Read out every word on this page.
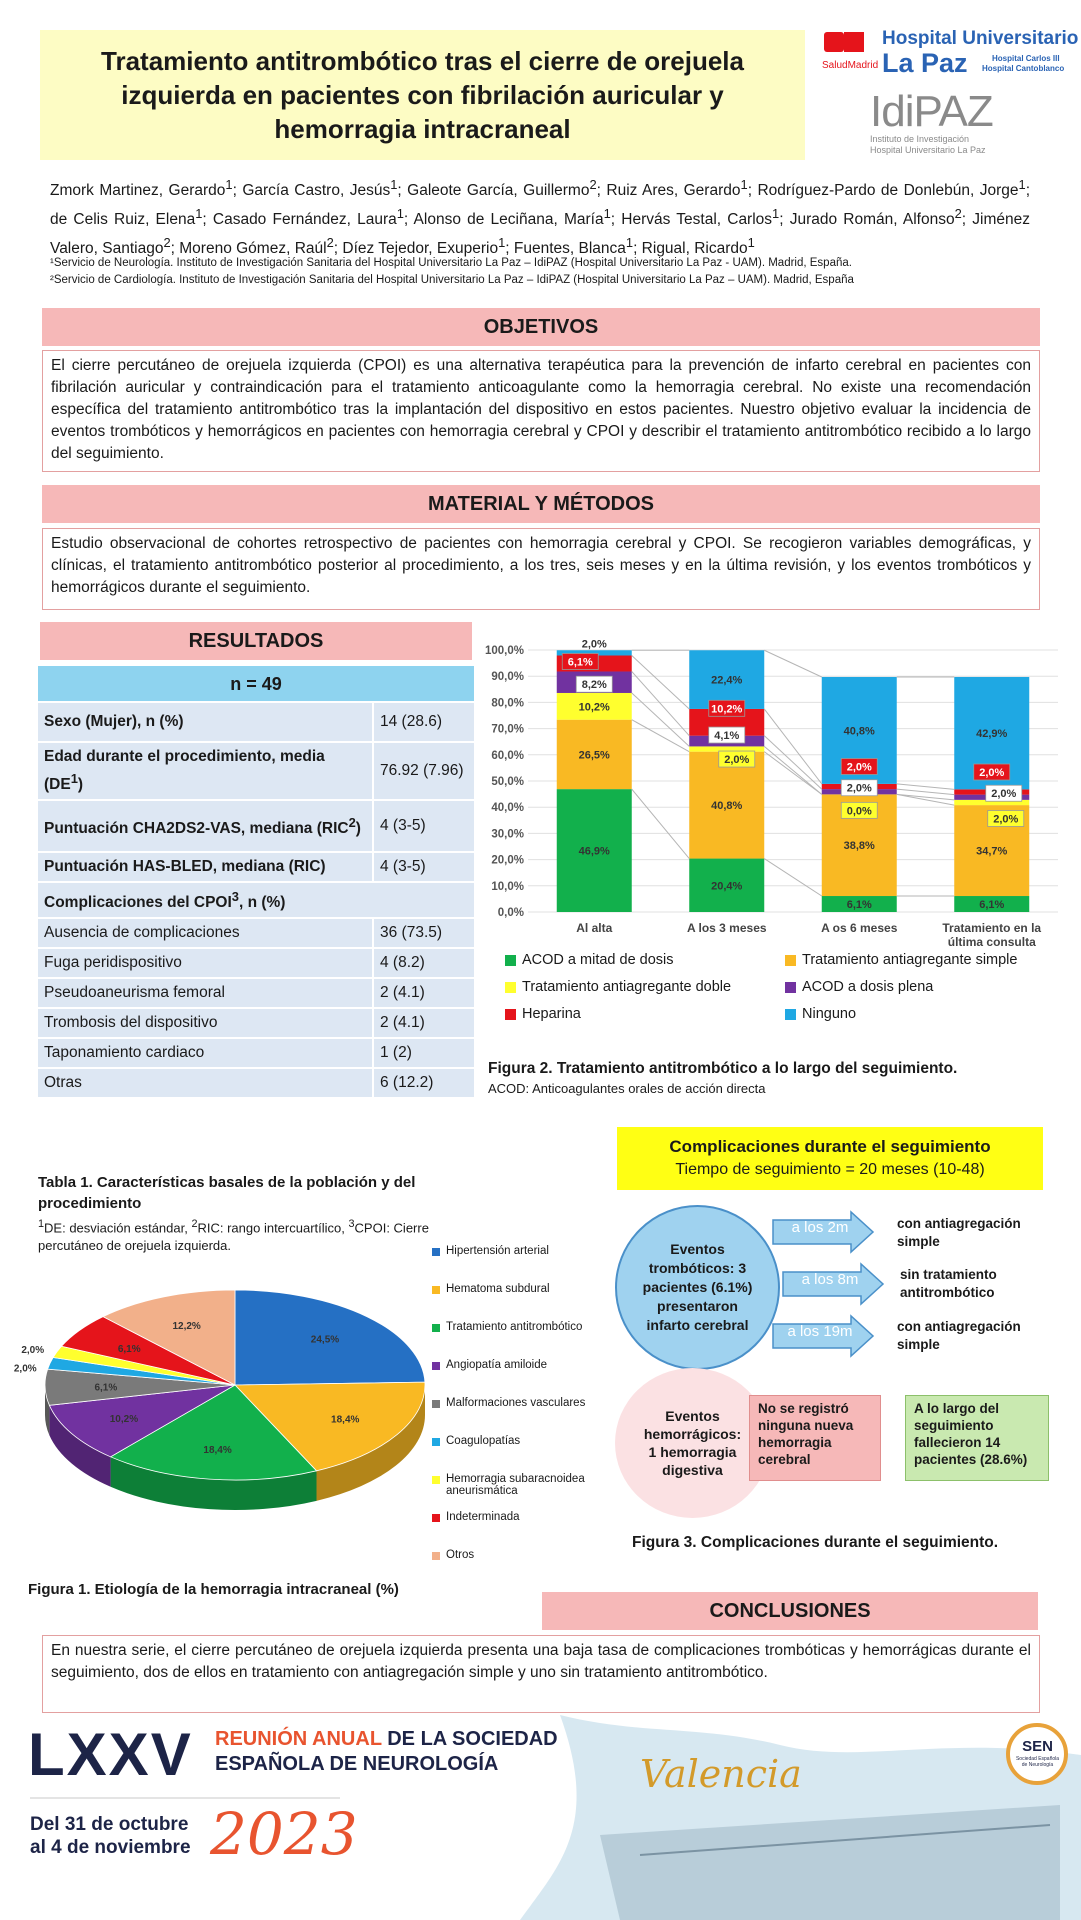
Tratamiento antitrombótico tras el cierre de orejuela izquierda en pacientes con fibrilación auricular y hemorragia intracraneal
SaludMadrid
Hospital Universitario
La Paz	Hospital Carlos III
Hospital Cantoblanco
IdiPAZ
Instituto de Investigación
Hospital Universitario La Paz
Zmork Martinez, Gerardo$^1$; García Castro, Jesús$^1$; Galeote García, Guillermo$^2$; Ruiz Ares, Gerardo$^1$; Rodríguez-Pardo de Donlebún, Jorge$^1$; de Celis Ruiz, Elena$^1$; Casado Fernández, Laura$^1$; Alonso de Leciñana, María$^1$; Hervás Testal, Carlos$^1$; Jurado Román, Alfonso$^2$; Jiménez Valero, Santiago$^2$; Moreno Gómez, Raúl$^2$; Díez Tejedor, Exuperio$^1$; Fuentes, Blanca$^1$; Rigual, Ricardo$^1$
¹Servicio de Neurología. Instituto de Investigación Sanitaria del Hospital Universitario La Paz – IdiPAZ (Hospital Universitario La Paz - UAM). Madrid, España.
²Servicio de Cardiología. Instituto de Investigación Sanitaria del Hospital Universitario La Paz – IdiPAZ (Hospital Universitario La Paz – UAM). Madrid, España
OBJETIVOS
El cierre percutáneo de orejuela izquierda (CPOI) es una alternativa terapéutica para la prevención de infarto cerebral en pacientes con fibrilación auricular y contraindicación para el tratamiento anticoagulante como la hemorragia cerebral. No existe una recomendación específica del tratamiento antitrombótico tras la implantación del dispositivo en estos pacientes. Nuestro objetivo evaluar la incidencia de eventos trombóticos y hemorrágicos en pacientes con hemorragia cerebral y CPOI y describir el tratamiento antitrombótico recibido a lo largo del seguimiento.
MATERIAL Y MÉTODOS
Estudio observacional de cohortes retrospectivo de pacientes con hemorragia cerebral y CPOI. Se recogieron variables demográficas, y clínicas, el tratamiento antitrombótico posterior al procedimiento, a los tres, seis meses y en la última revisión, y los eventos trombóticos y hemorrágicos durante el seguimiento.
RESULTADOS
n = 49	
Sexo (Mujer), n (%)	14 (28.6)
Edad durante el procedimiento, media $(DE^1)$	76.92 (7.96)
Puntuación CHA2DS2-VAS, mediana (RIC$^2$)	4 (3-5)
Puntuación HAS-BLED, mediana (RIC)	4 (3-5)
Complicaciones del CPOI$^3$, n (%)	
Ausencia de complicaciones	36 (73.5)
Fuga peridispositivo	4 (8.2)
Pseudoaneurisma femoral	2 (4.1)
Trombosis del dispositivo	2 (4.1)
Taponamiento cardiaco	1 (2)
Otras	6 (12.2)
Tabla 1. Características basales de la población y del procedimiento
$^1$DE: desviación estándar, $^2$RIC: rango intercuartílico, $^3$CPOI: Cierre percutáneo de orejuela izquierda.
0,0%
10,0%
20,0%
30,0%
40,0%
50,0%
60,0%
70,0%
80,0%
90,0%
100,0%
Al alta	A los 3 meses	A os 6 meses	Tratamiento en la
última consulta
46,9%
26,5%
10,2%
8,2%
6,1%
2,0%
20,4%
40,8%
2,0%
4,1%
10,2%
22,4%
6,1%
38,8%
0,0%
2,0%
2,0%
40,8%
6,1%
34,7%
2,0%
2,0%
2,0%
42,9%
ACOD a mitad de dosis	Tratamiento antiagregante simple
Tratamiento antiagregante doble	ACOD a dosis plena
Heparina	Ninguno
Figura 2. Tratamiento antitrombótico a lo largo del seguimiento.
ACOD: Anticoagulantes orales de acción directa
24,5%
18,4%
18,4%
10,2%
6,1%
2,0%
2,0%	6,1%
12,2%
Hipertensión arterial
Hematoma subdural
Tratamiento antitrombótico
Angiopatía amiloide
Malformaciones vasculares
Coagulopatías
Hemorragia subaracnoidea aneurismática
Indeterminada
Otros
Figura 1. Etiología de la hemorragia intracraneal (%)
Complicaciones durante el seguimiento
Tiempo de seguimiento = 20 meses (10-48)
Eventos trombóticos: 3 pacientes (6.1%) presentaron infarto cerebral
a los 2m	con antiagregación simple
a los 8m	sin tratamiento antitrombótico
a los 19m	con antiagregación simple
Eventos hemorrágicos: 1 hemorragia digestiva
No se registró ninguna nueva hemorragia cerebral
A lo largo del seguimiento fallecieron 14 pacientes (28.6%)
Figura 3. Complicaciones durante el seguimiento.
CONCLUSIONES
En nuestra serie, el cierre percutáneo de orejuela izquierda presenta una baja tasa de complicaciones trombóticas y hemorrágicas durante el seguimiento, dos de ellos en tratamiento con antiagregación simple y uno sin tratamiento antitrombótico.
LXXV REUNIÓN ANUAL DE LA SOCIEDAD
ESPAÑOLA DE NEUROLOGÍA	Valencia
Del 31 de octubre
al 4 de noviembre 2023
SEN
Sociedad Española de Neurología
